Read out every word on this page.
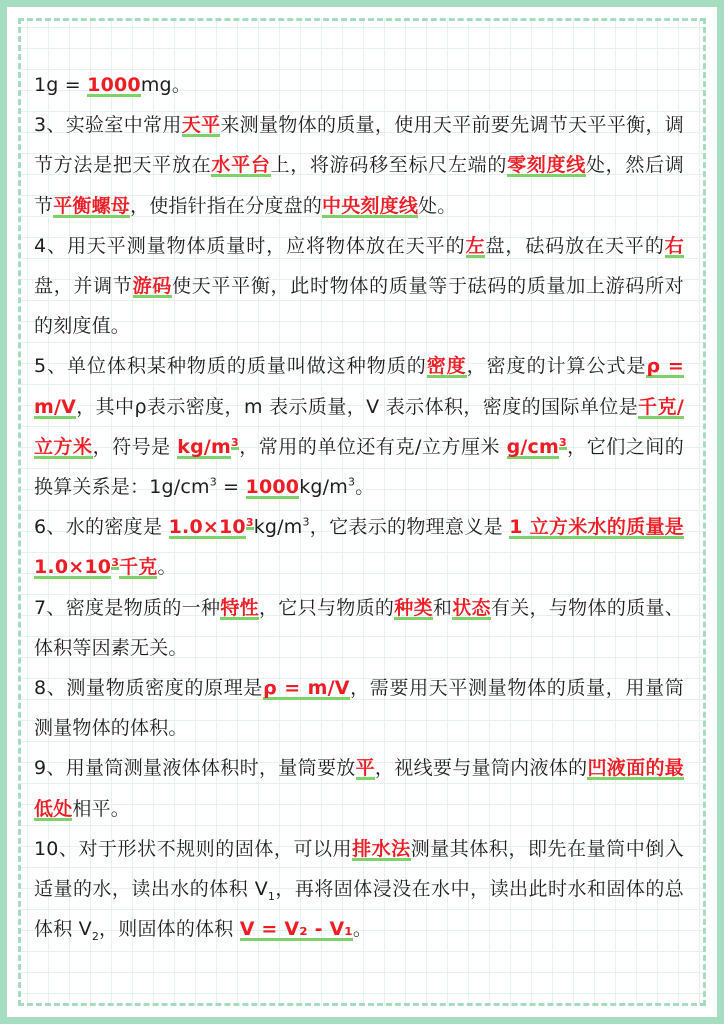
1g = 1000mg。

3、实验室中常用天平来测量物体的质量，使用天平前要先调节天平平衡，调节方法是把天平放在水平台上，将游码移至标尺左端的零刻度线处，然后调节平衡螺母，使指针指在分度盘的中央刻度线处。

4、用天平测量物体质量时，应将物体放在天平的左盘，砝码放在天平的右盘，并调节游码使天平平衡，此时物体的质量等于砝码的质量加上游码所对的刻度值。

5、单位体积某种物质的质量叫做这种物质的密度，密度的计算公式是ρ = m/V，其中ρ表示密度，m 表示质量，V 表示体积，密度的国际单位是千克/立方米，符号是 $kg/m^3$，常用的单位还有克/立方厘米 $g/cm^3$，它们之间的换算关系是：$1g/cm^3 = 1000kg/m^3$。

6、水的密度是 $1.0\times 10^3kg/m^3$，它表示的物理意义是 1 立方米水的质量是 $1.0\times 10^3$千克。

7、密度是物质的一种特性，它只与物质的种类和状态有关，与物体的质量、体积等因素无关。

8、测量物质密度的原理是ρ = m/V，需要用天平测量物体的质量，用量筒测量物体的体积。

9、用量筒测量液体体积时，量筒要放平，视线要与量筒内液体的凹液面的最低处相平。

10、对于形状不规则的固体，可以用排水法测量其体积，即先在量筒中倒入适量的水，读出水的体积 $V_1$，再将固体浸没在水中，读出此时水和固体的总体积 $V_2$，则固体的体积 V = V₂ - V₁。
